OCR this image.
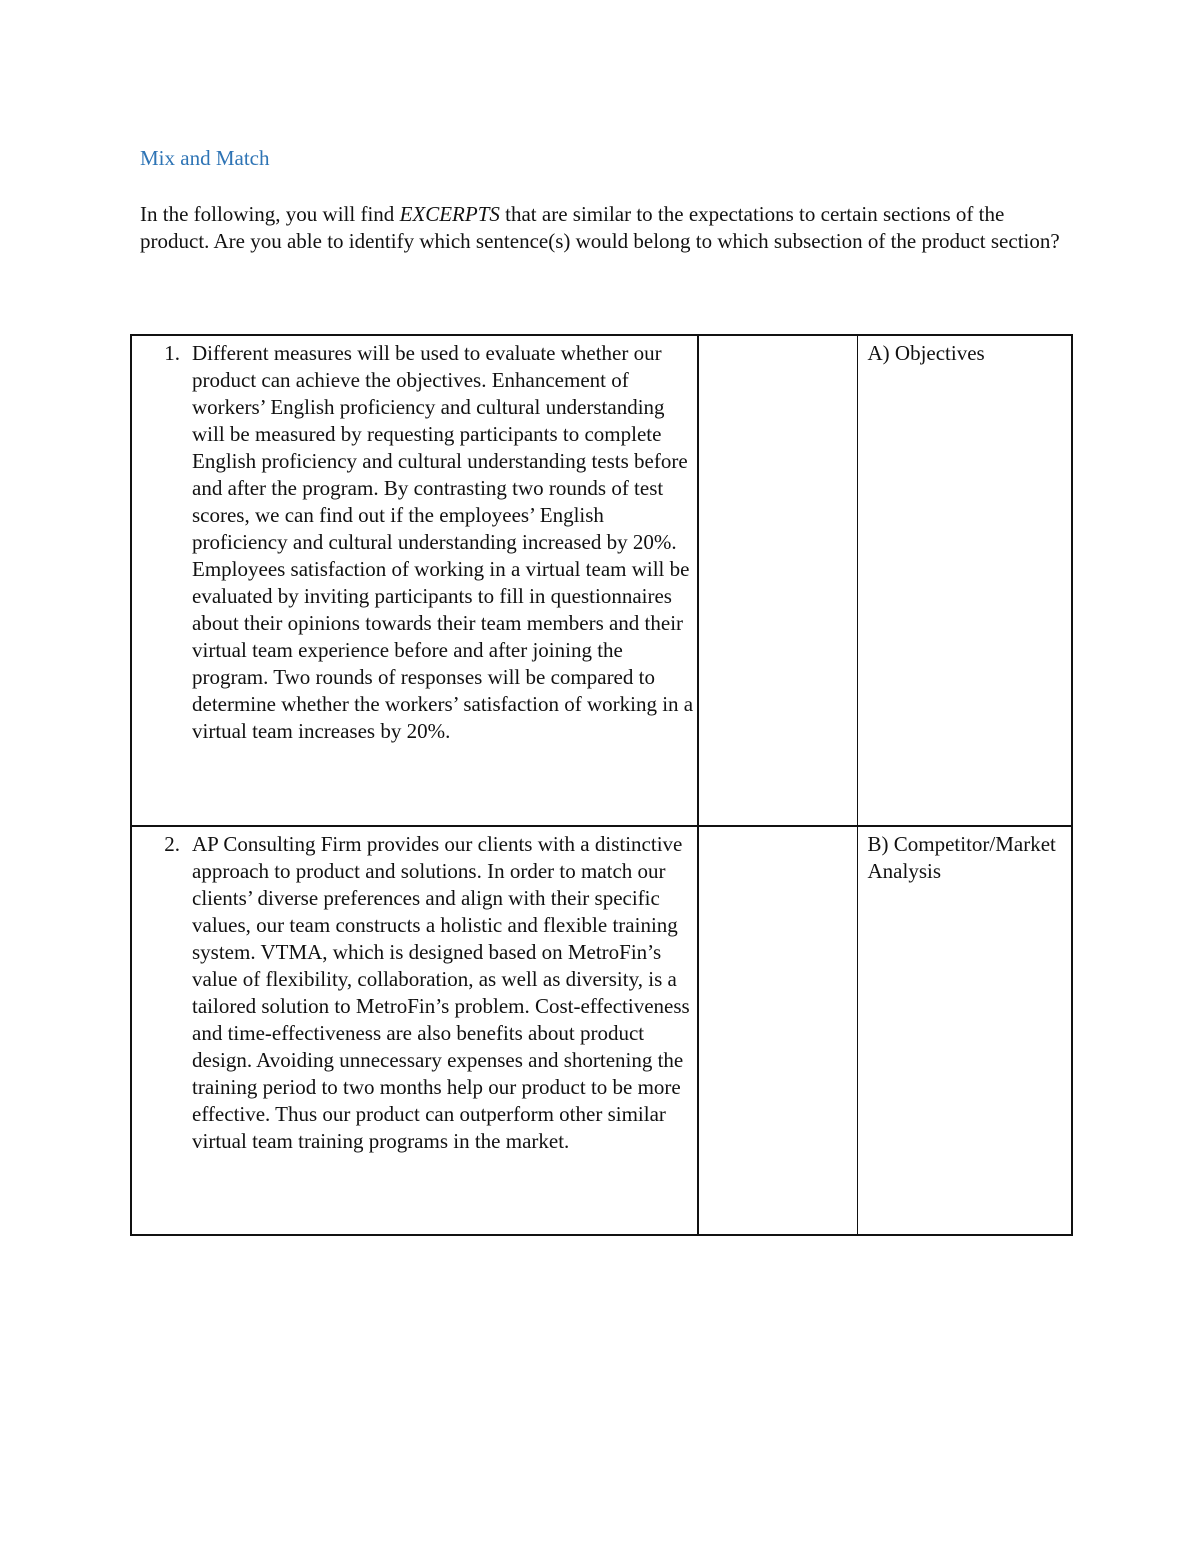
Mix and Match

In the following, you will find EXCERPTS that are similar to the expectations to certain sections of the product. Are you able to identify which sentence(s) would belong to which subsection of the product section?

1. Different measures will be used to evaluate whether our product can achieve the objectives. Enhancement of workers’ English proficiency and cultural understanding will be measured by requesting participants to complete English proficiency and cultural understanding tests before and after the program. By contrasting two rounds of test scores, we can find out if the employees’ English proficiency and cultural understanding increased by 20%. Employees satisfaction of working in a virtual team will be evaluated by inviting participants to fill in questionnaires about their opinions towards their team members and their virtual team experience before and after joining the program. Two rounds of responses will be compared to determine whether the workers’ satisfaction of working in a virtual team increases by 20%.		A) Objectives

2. AP Consulting Firm provides our clients with a distinctive approach to product and solutions. In order to match our clients’ diverse preferences and align with their specific values, our team constructs a holistic and flexible training system. VTMA, which is designed based on MetroFin’s value of flexibility, collaboration, as well as diversity, is a tailored solution to MetroFin’s problem. Cost-effectiveness and time-effectiveness are also benefits about product design. Avoiding unnecessary expenses and shortening the training period to two months help our product to be more effective. Thus our product can outperform other similar virtual team training programs in the market.		B) Competitor/Market Analysis
